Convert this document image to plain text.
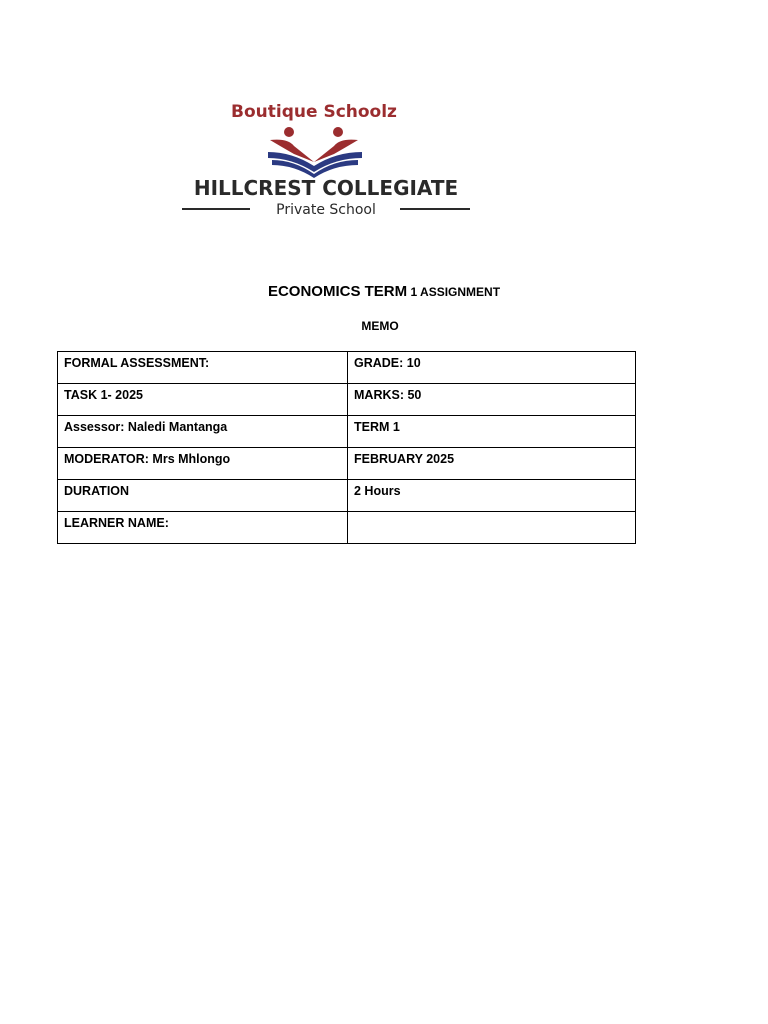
Boutique Schoolz
HILLCREST COLLEGIATE
Private School
ECONOMICS TERM 1 ASSIGNMENT
MEMO
FORMAL ASSESSMENT:	GRADE: 10
TASK 1- 2025	MARKS: 50
Assessor: Naledi Mantanga	TERM 1
MODERATOR: Mrs Mhlongo	FEBRUARY 2025
DURATION	2 Hours
LEARNER NAME:	
